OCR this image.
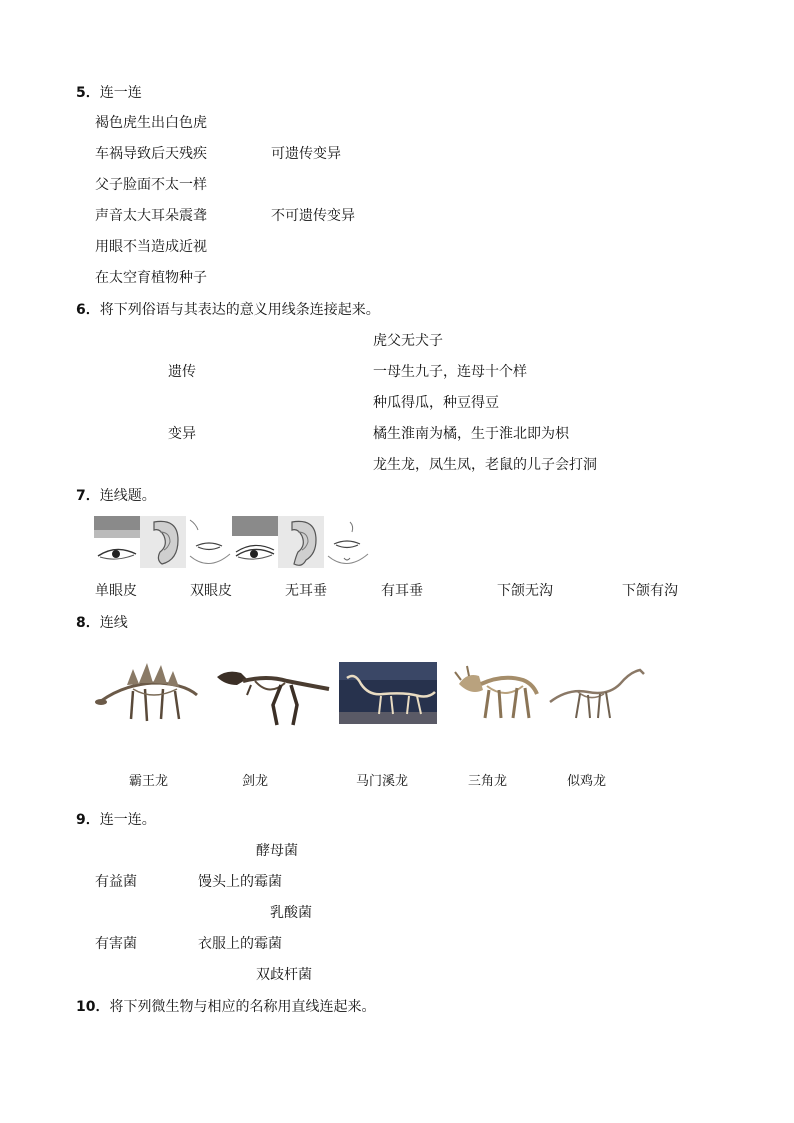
5．连一连
褐色虎生出白色虎
车祸导致后天残疾
父子脸面不太一样
声音太大耳朵震聋
用眼不当造成近视
在太空育植物种子
可遗传变异
不可遗传变异
6．将下列俗语与其表达的意义用线条连接起来。
虎父无犬子
一母生九子，连母十个样
种瓜得瓜，种豆得豆
橘生淮南为橘，生于淮北即为枳
龙生龙，凤生凤，老鼠的儿子会打洞
遗传
变异
7．连线题。
单眼皮	双眼皮	无耳垂	有耳垂	下颌无沟	下颌有沟
8．连线
霸王龙	剑龙	马门溪龙	三角龙	似鸡龙
9．连一连。
酵母菌
有益菌	馒头上的霉菌
乳酸菌
有害菌	衣服上的霉菌
双歧杆菌
10．将下列微生物与相应的名称用直线连起来。
